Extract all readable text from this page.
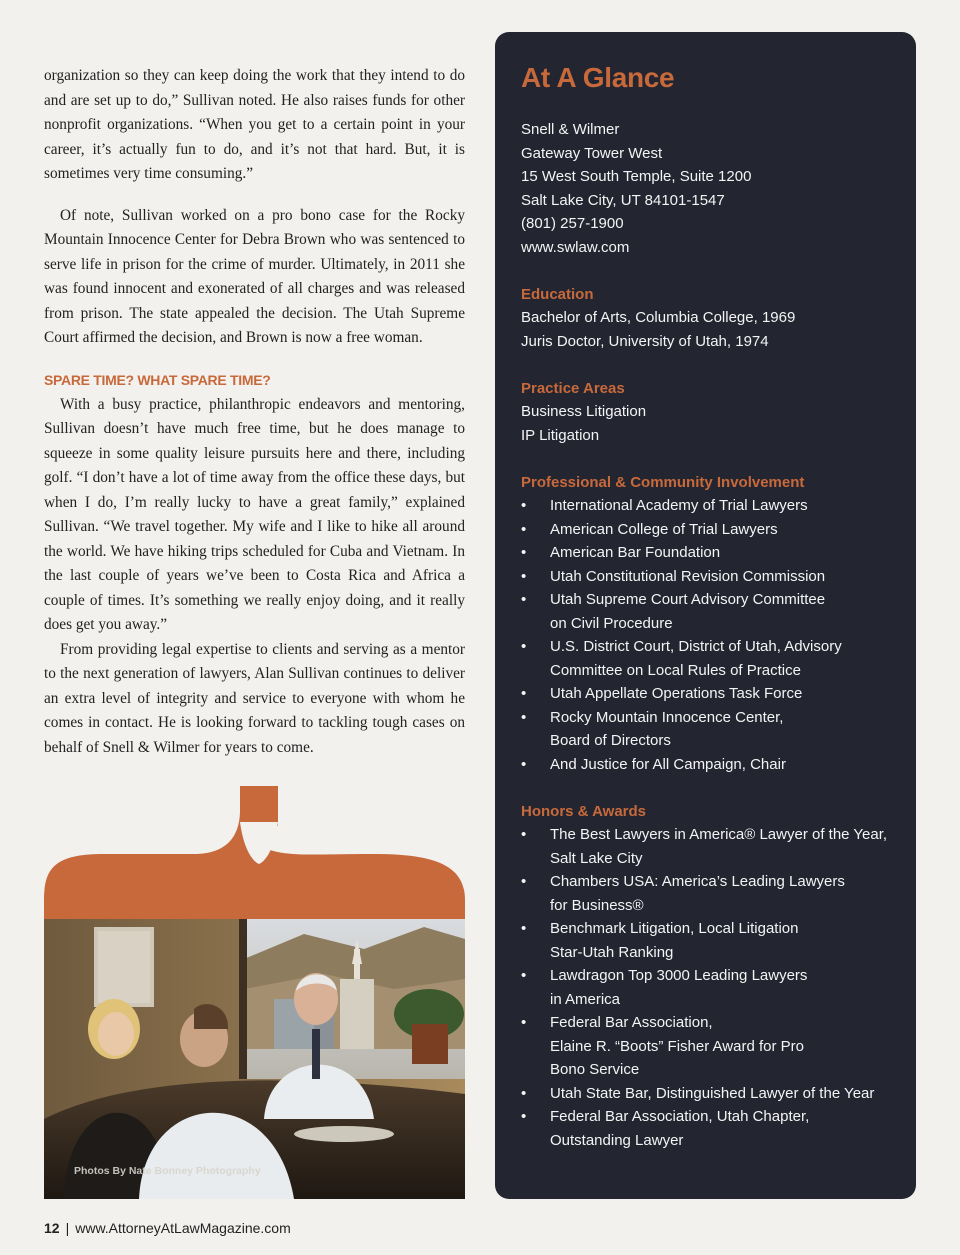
organization so they can keep doing the work that they intend to do and are set up to do,” Sullivan noted. He also raises funds for other nonprofit organizations. “When you get to a certain point in your career, it’s actually fun to do, and it’s not that hard. But, it is sometimes very time consuming.”

Of note, Sullivan worked on a pro bono case for the Rocky Mountain Innocence Center for Debra Brown who was sentenced to serve life in prison for the crime of murder. Ultimately, in 2011 she was found innocent and exonerated of all charges and was released from prison. The state appealed the decision. The Utah Supreme Court affirmed the decision, and Brown is now a free woman.

SPARE TIME? WHAT SPARE TIME?

With a busy practice, philanthropic endeavors and mentoring, Sullivan doesn’t have much free time, but he does manage to squeeze in some quality leisure pursuits here and there, including golf. “I don’t have a lot of time away from the office these days, but when I do, I’m really lucky to have a great family,” explained Sullivan. “We travel together. My wife and I like to hike all around the world. We have hiking trips scheduled for Cuba and Vietnam. In the last couple of years we’ve been to Costa Rica and Africa a couple of times. It’s something we really enjoy doing, and it really does get you away.”

From providing legal expertise to clients and serving as a mentor to the next generation of lawyers, Alan Sullivan continues to deliver an extra level of integrity and service to everyone with whom he comes in contact. He is looking forward to tackling tough cases on behalf of Snell & Wilmer for years to come.

Photos By Nate Bonney Photography
12 | www.AttorneyAtLawMagazine.com
At A Glance
Snell & Wilmer
Gateway Tower West
15 West South Temple, Suite 1200
Salt Lake City, UT 84101-1547
(801) 257-1900
www.swlaw.com
Education
Bachelor of Arts, Columbia College, 1969
Juris Doctor, University of Utah, 1974
Practice Areas
Business Litigation
IP Litigation
Professional & Community Involvement
• International Academy of Trial Lawyers
• American College of Trial Lawyers
• American Bar Foundation
• Utah Constitutional Revision Commission
• Utah Supreme Court Advisory Committee
on Civil Procedure
• U.S. District Court, District of Utah, Advisory
Committee on Local Rules of Practice
• Utah Appellate Operations Task Force
• Rocky Mountain Innocence Center,
Board of Directors
• And Justice for All Campaign, Chair
Honors & Awards
• The Best Lawyers in America® Lawyer of the Year,
Salt Lake City
• Chambers USA: America’s Leading Lawyers
for Business®
• Benchmark Litigation, Local Litigation
Star-Utah Ranking
• Lawdragon Top 3000 Leading Lawyers
in America
• Federal Bar Association,
Elaine R. “Boots” Fisher Award for Pro
Bono Service
• Utah State Bar, Distinguished Lawyer of the Year
• Federal Bar Association, Utah Chapter,
Outstanding Lawyer
